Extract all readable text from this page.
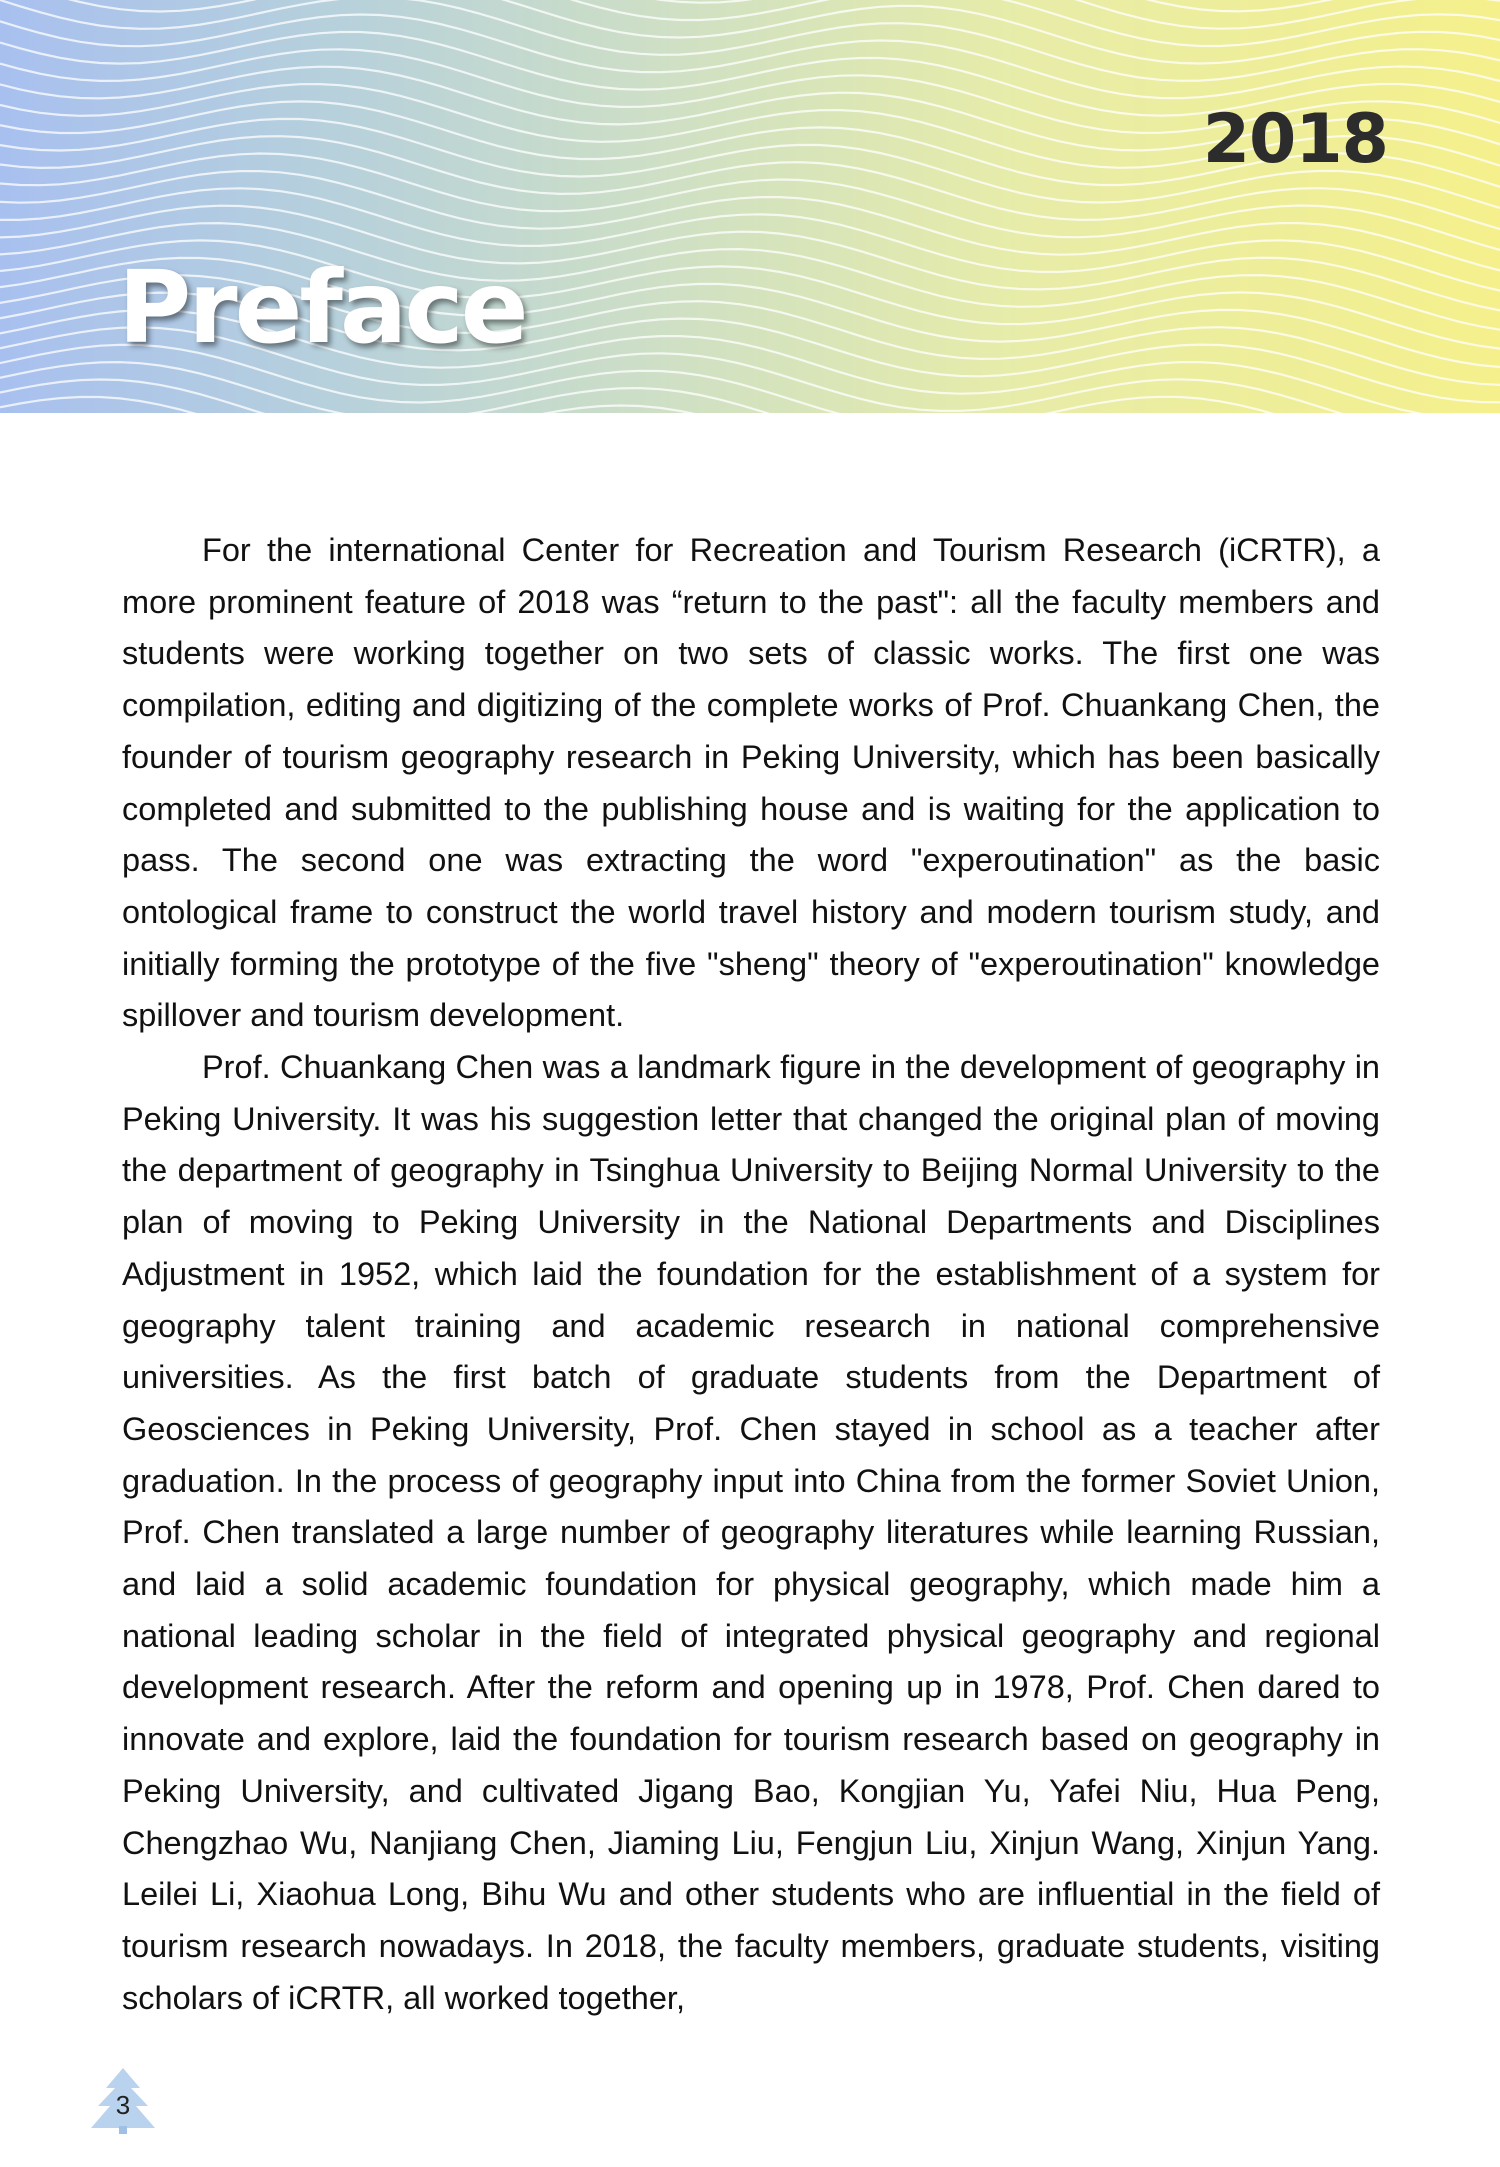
2018
Preface

For the international Center for Recreation and Tourism Research (iCRTR), a more prominent feature of 2018 was “return to the past": all the faculty members and students were working together on two sets of classic works. The first one was compilation, editing and digitizing of the complete works of Prof. Chuankang Chen, the founder of tourism geography research in Peking University, which has been basically completed and submitted to the publishing house and is waiting for the application to pass. The second one was extracting the word "experoutination" as the basic ontological frame to construct the world travel history and modern tourism study, and initially forming the prototype of the five "sheng" theory of "experoutination" knowledge spillover and tourism development.

Prof. Chuankang Chen was a landmark figure in the development of geography in Peking University. It was his suggestion letter that changed the original plan of moving the department of geography in Tsinghua University to Beijing Normal University to the plan of moving to Peking University in the National Departments and Disciplines Adjustment in 1952, which laid the foundation for the establishment of a system for geography talent training and academic research in national comprehensive universities. As the first batch of graduate students from the Department of Geosciences in Peking University, Prof. Chen stayed in school as a teacher after graduation. In the process of geography input into China from the former Soviet Union, Prof. Chen translated a large number of geography literatures while learning Russian, and laid a solid academic foundation for physical geography, which made him a national leading scholar in the field of integrated physical geography and regional development research. After the reform and opening up in 1978, Prof. Chen dared to innovate and explore, laid the foundation for tourism research based on geography in Peking University, and cultivated Jigang Bao, Kongjian Yu, Yafei Niu, Hua Peng, Chengzhao Wu, Nanjiang Chen, Jiaming Liu, Fengjun Liu, Xinjun Wang, Xinjun Yang. Leilei Li, Xiaohua Long, Bihu Wu and other students who are influential in the field of tourism research nowadays. In 2018, the faculty members, graduate students, visiting scholars of iCRTR, all worked together,

3
